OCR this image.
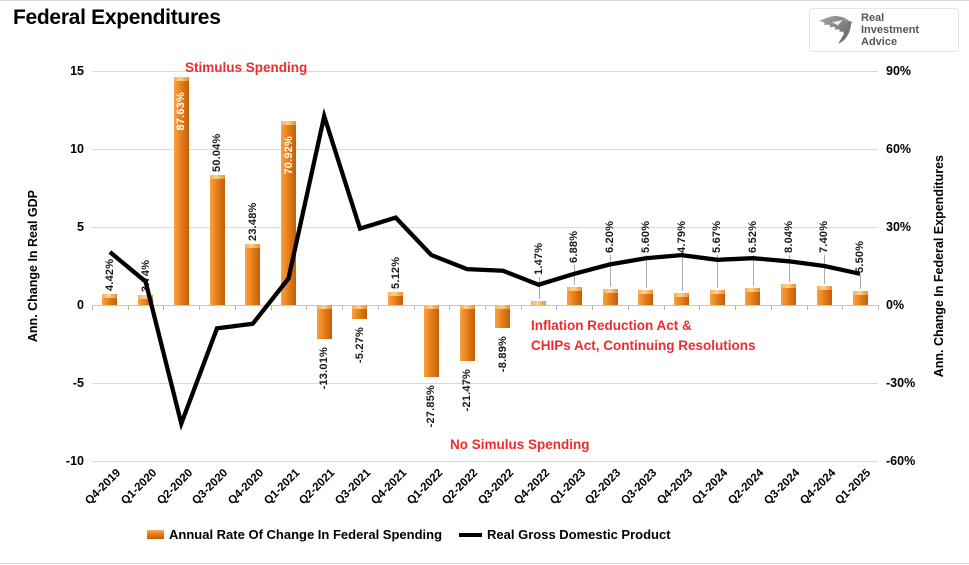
Federal Expenditures	Real
Investment
Advice
15	90%
10	60%
5	30%
0	0%
-5	-30%
-10	-60%
4.42% 3.74%
87.63%
50.04%
23.48%
70.92%
-13.01%
-5.27%
5.12%
-27.85% -21.47%
-8.89%
1.47% 6.88% 6.20% 5.60% 4.79% 5.67% 6.52% 8.04% 7.40%
5.50%
Q4-2019
Q1-2020
Q2-2020
Q3-2020
Q4-2020
Q1-2021
Q2-2021
Q3-2021
Q4-2021
Q1-2022
Q2-2022
Q3-2022
Q4-2022
Q1-2023
Q2-2023
Q3-2023
Q4-2023
Q1-2024
Q2-2024
Q3-2024
Q4-2024
Q1-2025
Ann. Change In Real GDP	Ann. Change In Federal Expenditures
Stimulus Spending
Inflation Reduction Act &
CHIPs Act, Continuing Resolutions
No Simulus Spending
Annual Rate Of Change In Federal Spending	Real Gross Domestic Product
